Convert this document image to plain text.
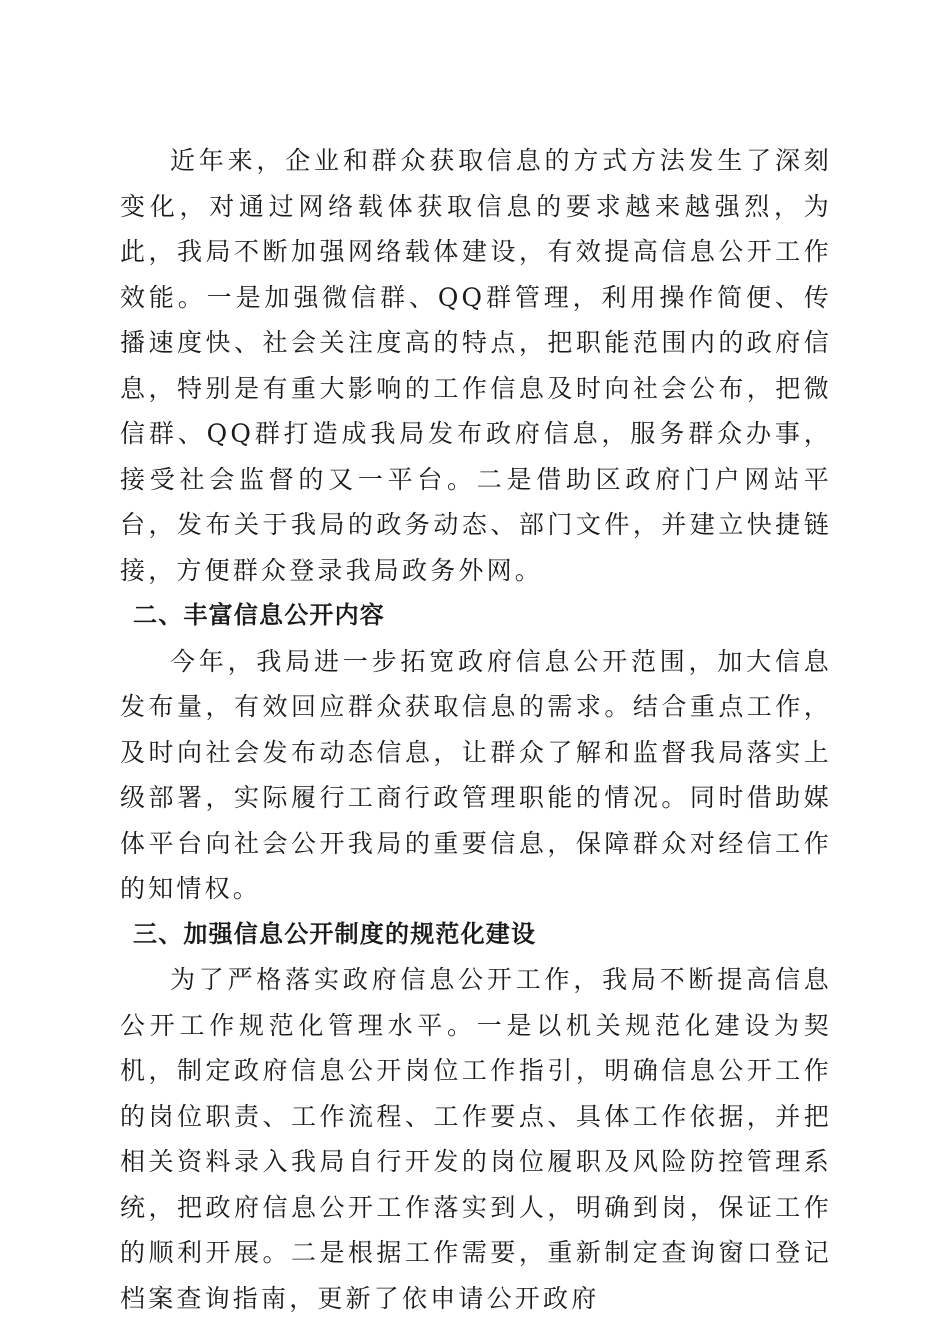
近年来，企业和群众获取信息的方式方法发生了深刻变化，对通过网络载体获取信息的要求越来越强烈，为此，我局不断加强网络载体建设，有效提高信息公开工作效能。一是加强微信群、QQ群管理，利用操作简便、传播速度快、社会关注度高的特点，把职能范围内的政府信息，特别是有重大影响的工作信息及时向社会公布，把微信群、QQ群打造成我局发布政府信息，服务群众办事，接受社会监督的又一平台。二是借助区政府门户网站平台，发布关于我局的政务动态、部门文件，并建立快捷链接，方便群众登录我局政务外网。

二、丰富信息公开内容

今年，我局进一步拓宽政府信息公开范围，加大信息发布量，有效回应群众获取信息的需求。结合重点工作，及时向社会发布动态信息，让群众了解和监督我局落实上级部署，实际履行工商行政管理职能的情况。同时借助媒体平台向社会公开我局的重要信息，保障群众对经信工作的知情权。

三、加强信息公开制度的规范化建设

为了严格落实政府信息公开工作，我局不断提高信息公开工作规范化管理水平。一是以机关规范化建设为契机，制定政府信息公开岗位工作指引，明确信息公开工作的岗位职责、工作流程、工作要点、具体工作依据，并把相关资料录入我局自行开发的岗位履职及风险防控管理系统，把政府信息公开工作落实到人，明确到岗，保证工作的顺利开展。二是根据工作需要，重新制定查询窗口登记档案查询指南，更新了依申请公开政府
